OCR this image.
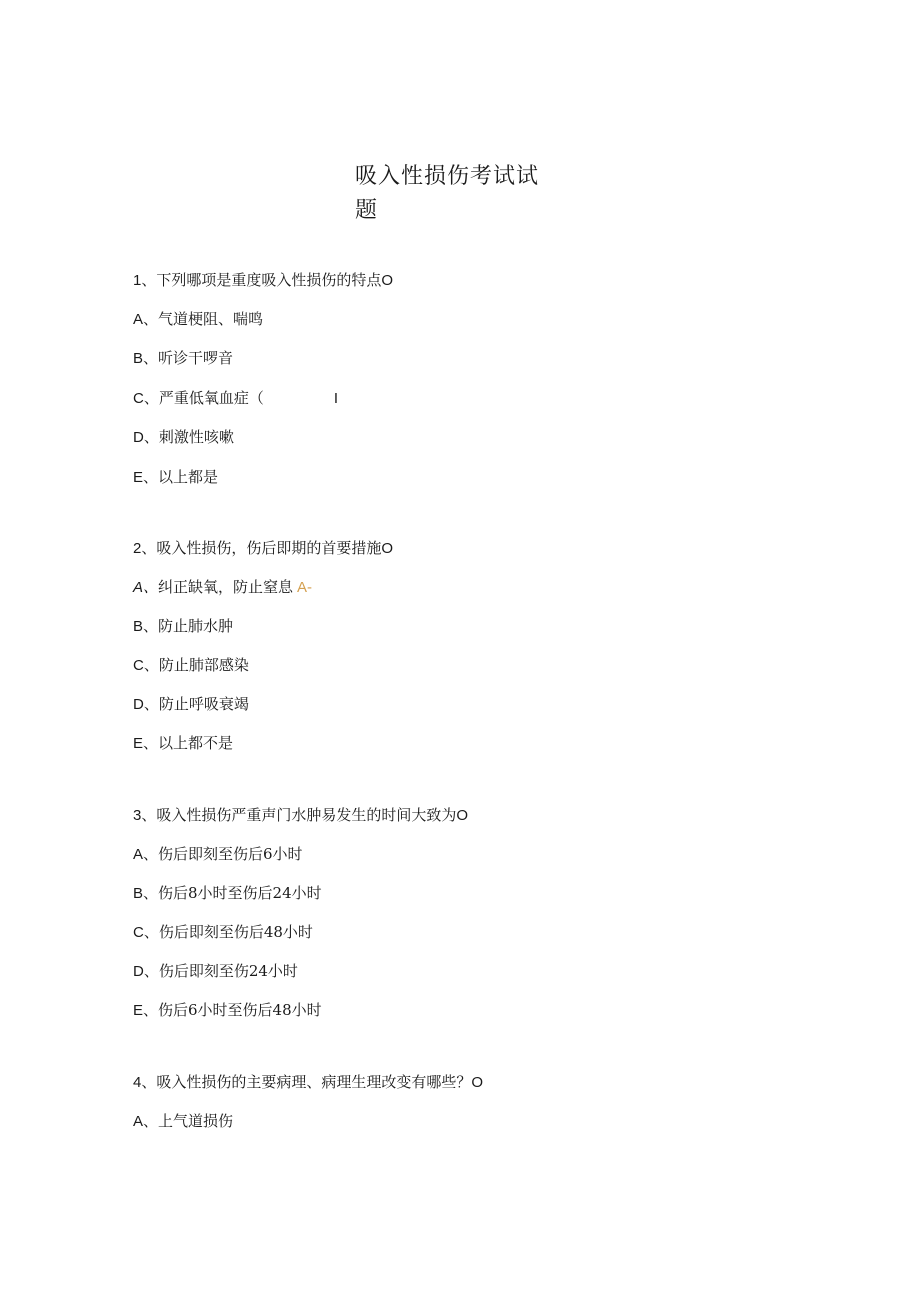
吸入性损伤考试试题
1、下列哪项是重度吸入性损伤的特点O
A、气道梗阻、喘鸣
B、听诊干啰音
C、严重低氧血症（	I
D、刺激性咳嗽
E、以上都是
2、吸入性损伤，伤后即期的首要措施O
A、纠正缺氧，防止窒息 A-
B、防止肺水肿
C、防止肺部感染
D、防止呼吸衰竭
E、以上都不是
3、吸入性损伤严重声门水肿易发生的时间大致为O
A、伤后即刻至伤后6小时
B、伤后8小时至伤后24小时
C、伤后即刻至伤后48小时
D、伤后即刻至伤24小时
E、伤后6小时至伤后48小时
4、吸入性损伤的主要病理、病理生理改变有哪些？O
A、上气道损伤
